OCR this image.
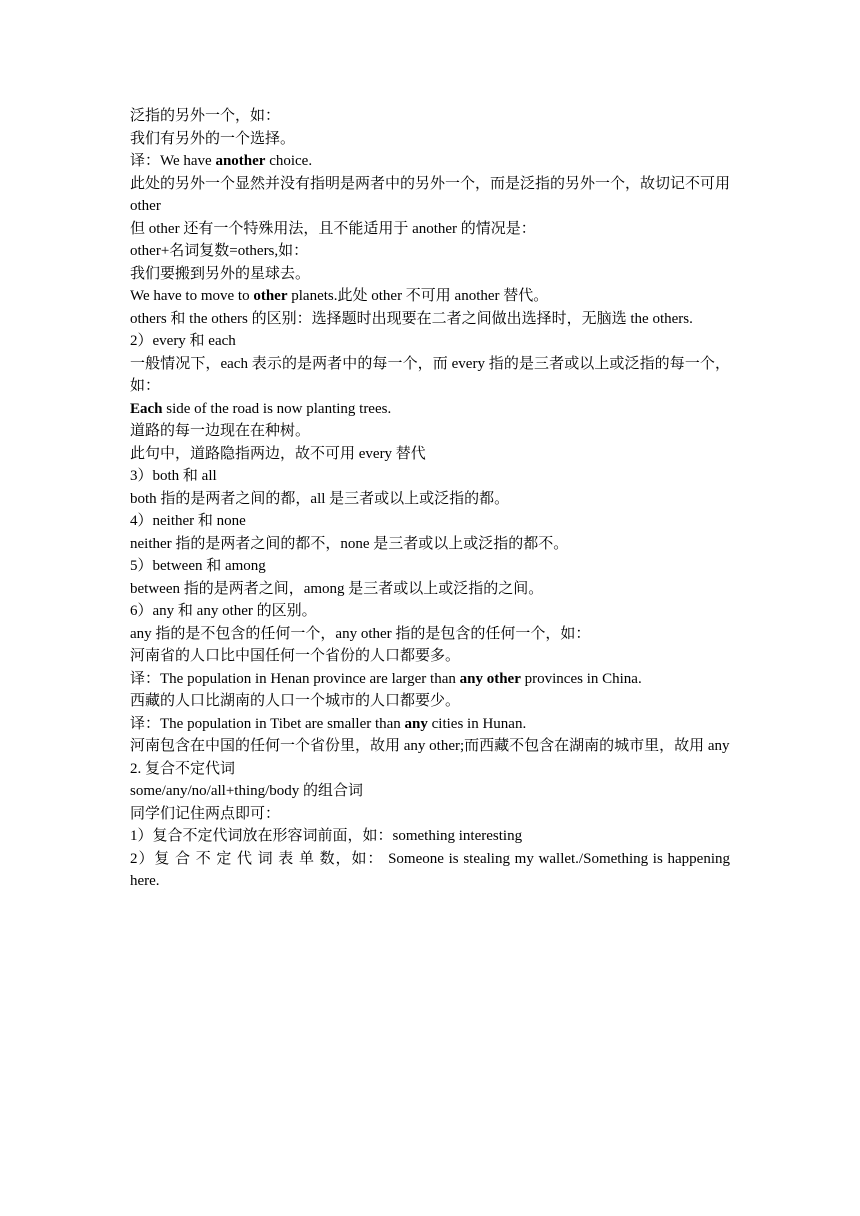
泛指的另外一个，如：
我们有另外的一个选择。
译：We have another choice.
此处的另外一个显然并没有指明是两者中的另外一个，而是泛指的另外一个，故切记不可用 other
但 other 还有一个特殊用法，且不能适用于 another 的情况是：
other+名词复数=others,如：
我们要搬到另外的星球去。
We have to move to other planets.此处 other 不可用 another 替代。
others 和 the others 的区别：选择题时出现要在二者之间做出选择时，无脑选 the others.
2）every 和 each
一般情况下，each 表示的是两者中的每一个，而 every 指的是三者或以上或泛指的每一个，如：
Each side of the road is now planting trees.
道路的每一边现在在种树。
此句中，道路隐指两边，故不可用 every 替代
3）both 和 all
both 指的是两者之间的都，all 是三者或以上或泛指的都。
4）neither 和 none
neither 指的是两者之间的都不，none 是三者或以上或泛指的都不。
5）between 和 among
between 指的是两者之间，among 是三者或以上或泛指的之间。
6）any 和 any other 的区别。
any 指的是不包含的任何一个，any other 指的是包含的任何一个，如：
河南省的人口比中国任何一个省份的人口都要多。
译：The population in Henan province are larger than any other provinces in China.
西藏的人口比湖南的人口一个城市的人口都要少。
译：The population in Tibet are smaller than any cities in Hunan.
河南包含在中国的任何一个省份里，故用 any other;而西藏不包含在湖南的城市里，故用 any
2. 复合不定代词
some/any/no/all+thing/body 的组合词
同学们记住两点即可：
1）复合不定代词放在形容词前面，如：something interesting
2）复 合 不 定 代 词 表 单 数，如： Someone is stealing my wallet./Something is happening here.
